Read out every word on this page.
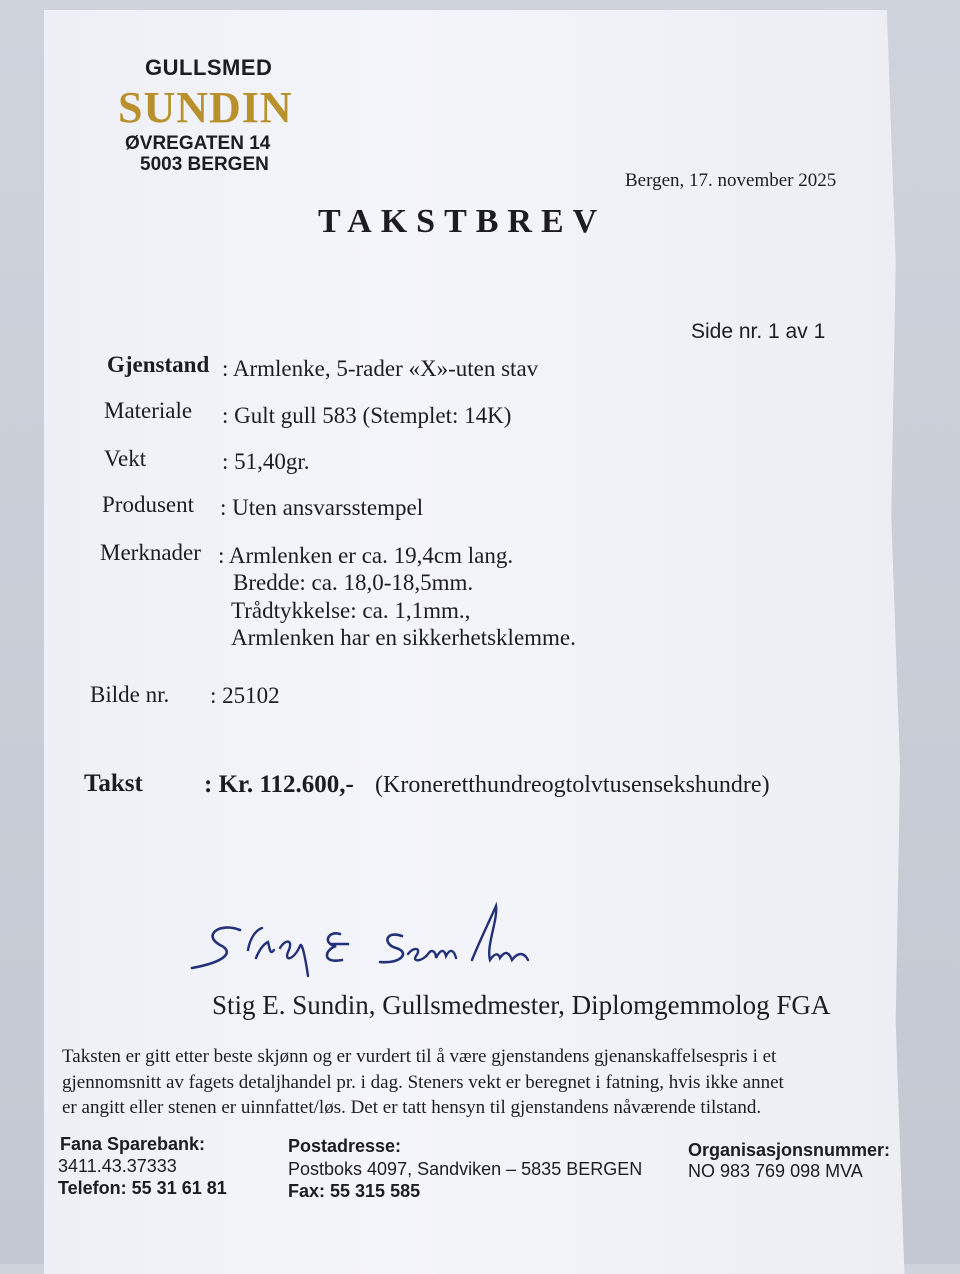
GULLSMED
SUNDIN
ØVREGATEN 14
5003 BERGEN
Bergen, 17. november 2025
TAKSTBREV
Side nr. 1 av 1
Gjenstand : Armlenke, 5-rader «X»-uten stav
Materiale : Gult gull 583 (Stemplet: 14K)
Vekt	: 51,40gr.
Produsent : Uten ansvarsstempel
Merknader : Armlenken er ca. 19,4cm lang.
Bredde: ca. 18,0-18,5mm.
Trådtykkelse: ca. 1,1mm.,
Armlenken har en sikkerhetsklemme.
Bilde nr. : 25102
Takst : Kr. 112.600,- (Kroneretthundreogtolvtusensekshundre)
Stig E. Sundin, Gullsmedmester, Diplomgemmolog FGA
Taksten er gitt etter beste skjønn og er vurdert til å være gjenstandens gjenanskaffelsespris i et
gjennomsnitt av fagets detaljhandel pr. i dag. Steners vekt er beregnet i fatning, hvis ikke annet
er angitt eller stenen er uinnfattet/løs. Det er tatt hensyn til gjenstandens nåværende tilstand.
Fana Sparebank:
3411.43.37333
Telefon: 55 31 61 81
Postadresse:
Postboks 4097, Sandviken – 5835 BERGEN
Fax: 55 315 585
Organisasjonsnummer:
NO 983 769 098 MVA
